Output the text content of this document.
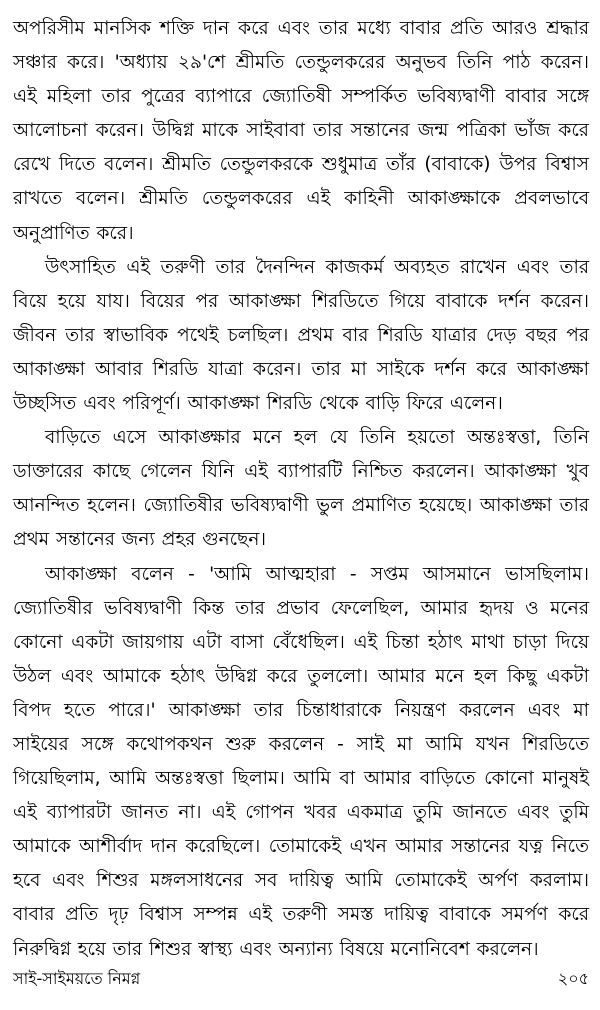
অপরিসীম মানসিক শক্তি দান করে এবং তার মধ্যে বাবার প্রতি আরও শ্রদ্ধার সঞ্চার করে। 'অধ্যায় ২৯'শে শ্রীমতি তেন্ডুলকরের অনুভব তিনি পাঠ করেন। এই মহিলা তার পুত্রের ব্যাপারে জ্যোতিষী সম্পর্কিত ভবিষ্যদ্বাণী বাবার সঙ্গে আলোচনা করেন। উদ্বিগ্ন মাকে সাইবাবা তার সন্তানের জন্ম পত্রিকা ভাঁজ করে রেখে দিতে বলেন। শ্রীমতি তেন্ডুলকরকে শুধুমাত্র তাঁর (বাবাকে) উপর বিশ্বাস রাখতে বলেন। শ্রীমতি তেন্ডুলকরের এই কাহিনী আকাঙ্ক্ষাকে প্রবলভাবে অনুপ্রাণিত করে।

উৎসাহিত এই তরুণী তার দৈনন্দিন কাজকর্ম অব্যহত রাখেন এবং তার বিয়ে হয়ে যায। বিয়ের পর আকাঙ্ক্ষা শিরডিতে গিয়ে বাবাকে দর্শন করেন। জীবন তার স্বাভাবিক পথেই চলছিল। প্রথম বার শিরডি যাত্রার দেড় বছর পর আকাঙ্ক্ষা আবার শিরডি যাত্রা করেন। তার মা সাইকে দর্শন করে আকাঙ্ক্ষা উচ্ছসিত এবং পরিপূর্ণ। আকাঙ্ক্ষা শিরডি থেকে বাড়ি ফিরে এলেন।

বাড়িতে এসে আকাঙ্ক্ষার মনে হল যে তিনি হয়তো অন্তঃস্বত্তা, তিনি ডাক্তারের কাছে গেলেন যিনি এই ব্যাপারটি নিশ্চিত করলেন। আকাঙ্ক্ষা খুব আনন্দিত হলেন। জ্যোতিষীর ভবিষ্যদ্বাণী ভুল প্রমাণিত হয়েছে। আকাঙ্ক্ষা তার প্রথম সন্তানের জন্য প্রহর গুনছেন।

আকাঙ্ক্ষা বলেন - 'আমি আত্মহারা - সপ্তম আসমানে ভাসছিলাম। জ্যোতিষীর ভবিষ্যদ্বাণী কিন্ত তার প্রভাব ফেলেছিল, আমার হৃদয় ও মনের কোনো একটা জায়গায় এটা বাসা বেঁধেছিল। এই চিন্তা হঠাৎ মাথা চাড়া দিয়ে উঠল এবং আমাকে হঠাৎ উদ্বিগ্ন করে তুললো। আমার মনে হল কিছু একটা বিপদ হতে পারে।' আকাঙ্ক্ষা তার চিন্তাধারাকে নিয়ন্ত্রণ করলেন এবং মা সাইয়ের সঙ্গে কথোপকথন শুরু করলেন - সাই মা আমি যখন শিরডিতে গিয়েছিলাম, আমি অন্তঃস্বত্তা ছিলাম। আমি বা আমার বাড়িতে কোনো মানুষই এই ব্যাপারটা জানত না। এই গোপন খবর একমাত্র তুমি জানতে এবং তুমি আমাকে আশীর্বাদ দান করেছিলে। তোমাকেই এখন আমার সন্তানের যত্ন নিতে হবে এবং শিশুর মঙ্গলসাধনের সব দায়িত্ব আমি তোমাকেই অর্পণ করলাম। বাবার প্রতি দৃঢ় বিশ্বাস সম্পন্ন এই তরুণী সমস্ত দায়িত্ব বাবাকে সমর্পণ করে নিরুদ্বিগ্ন হয়ে তার শিশুর স্বাস্থ্য এবং অন্যান্য বিষয়ে মনোনিবেশ করলেন।

সাই-সাইময়তে নিমগ্ন	২০৫
